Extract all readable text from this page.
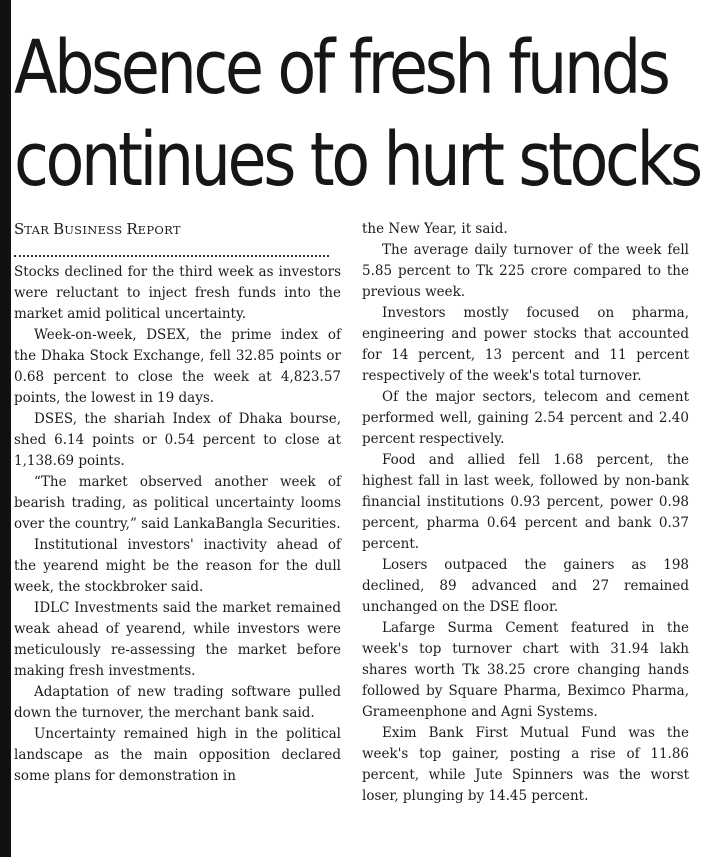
Absence of fresh funds
continues to hurt stocks
STAR BUSINESS REPORT

Stocks declined for the third week as investors were reluctant to inject fresh funds into the market amid political uncertainty.

Week-on-week, DSEX, the prime index of the Dhaka Stock Exchange, fell 32.85 points or 0.68 percent to close the week at 4,823.57 points, the lowest in 19 days.

DSES, the shariah Index of Dhaka bourse, shed 6.14 points or 0.54 percent to close at 1,138.69 points.

“The market observed another week of bearish trading, as political uncertainty looms over the country,” said LankaBangla Securities.

Institutional investors' inactivity ahead of the yearend might be the reason for the dull week, the stockbroker said.

IDLC Investments said the market remained weak ahead of yearend, while investors were meticulously re-assessing the market before making fresh investments.

Adaptation of new trading software pulled down the turnover, the merchant bank said.

Uncertainty remained high in the political landscape as the main opposition declared some plans for demonstration in

the New Year, it said.

The average daily turnover of the week fell 5.85 percent to Tk 225 crore compared to the previous week.

Investors mostly focused on pharma, engineering and power stocks that accounted for 14 percent, 13 percent and 11 percent respectively of the week's total turnover.

Of the major sectors, telecom and cement performed well, gaining 2.54 percent and 2.40 percent respectively.

Food and allied fell 1.68 percent, the highest fall in last week, followed by non-bank financial institutions 0.93 percent, power 0.98 percent, pharma 0.64 percent and bank 0.37 percent.

Losers outpaced the gainers as 198 declined, 89 advanced and 27 remained unchanged on the DSE floor.

Lafarge Surma Cement featured in the week's top turnover chart with 31.94 lakh shares worth Tk 38.25 crore changing hands followed by Square Pharma, Beximco Pharma, Grameenphone and Agni Systems.

Exim Bank First Mutual Fund was the week's top gainer, posting a rise of 11.86 percent, while Jute Spinners was the worst loser, plunging by 14.45 percent.
